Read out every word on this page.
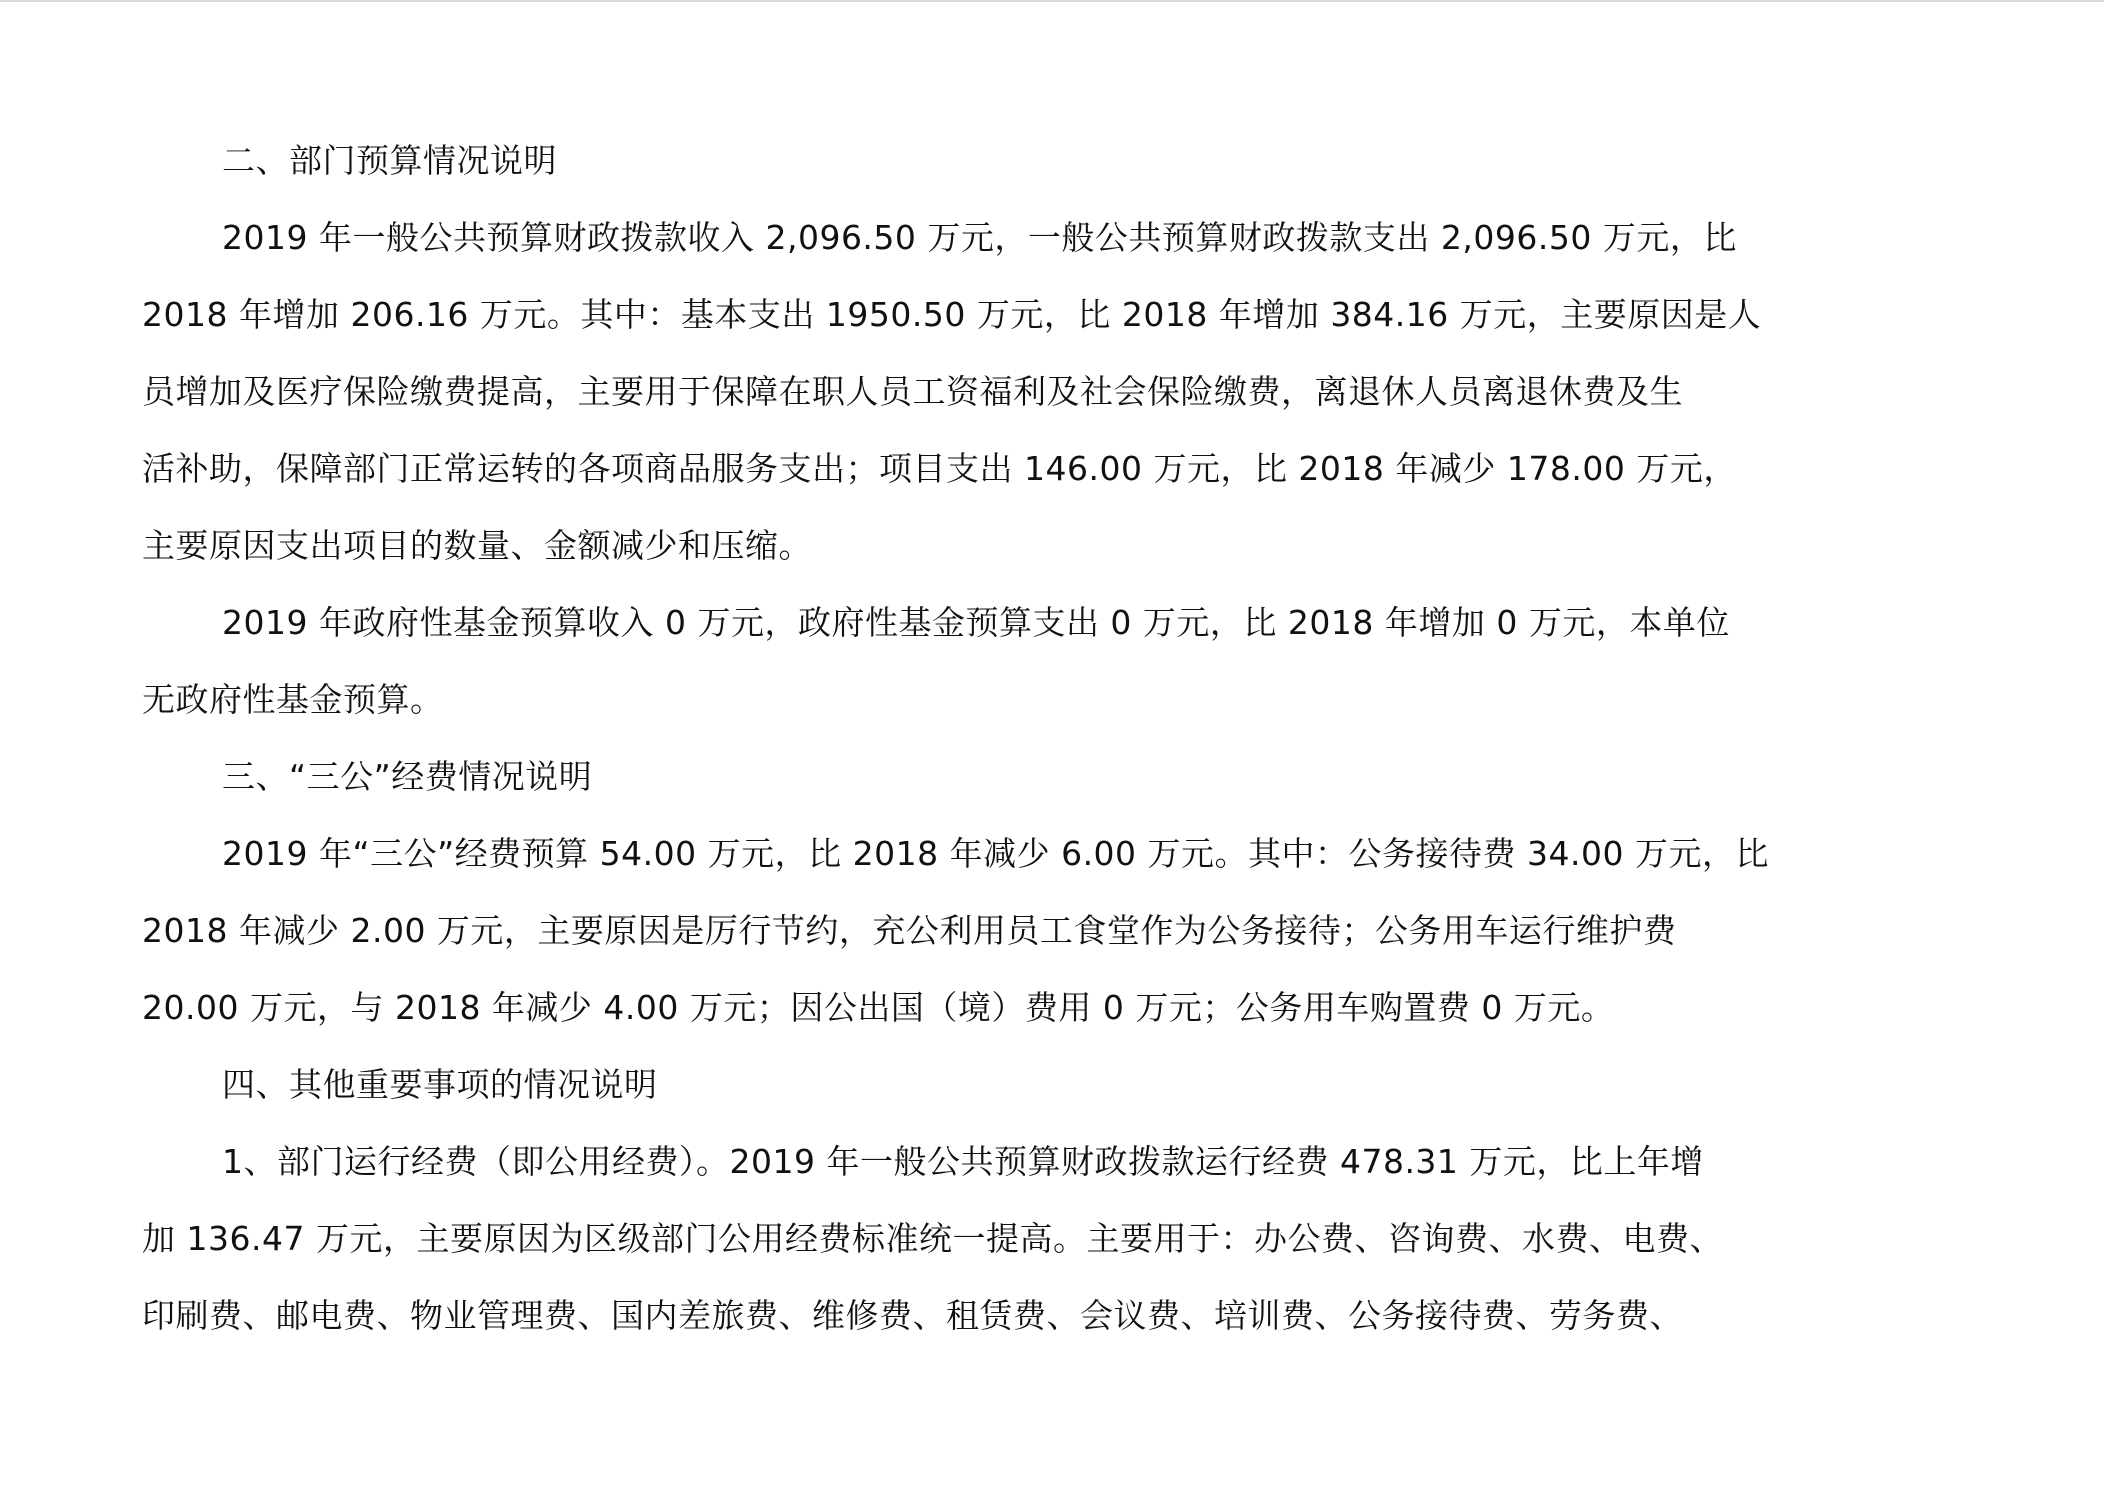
二、部门预算情况说明
2019 年一般公共预算财政拨款收入 2,096.50 万元，一般公共预算财政拨款支出 2,096.50 万元，比
2018 年增加 206.16 万元。其中：基本支出 1950.50 万元，比 2018 年增加 384.16 万元，主要原因是人
员增加及医疗保险缴费提高，主要用于保障在职人员工资福利及社会保险缴费，离退休人员离退休费及生
活补助，保障部门正常运转的各项商品服务支出；项目支出 146.00 万元，比 2018 年减少 178.00 万元，
主要原因支出项目的数量、金额减少和压缩。
2019 年政府性基金预算收入 0 万元，政府性基金预算支出 0 万元，比 2018 年增加 0 万元，本单位
无政府性基金预算。
三、“三公”经费情况说明
2019 年“三公”经费预算 54.00 万元，比 2018 年减少 6.00 万元。其中：公务接待费 34.00 万元，比
2018 年减少 2.00 万元，主要原因是厉行节约，充公利用员工食堂作为公务接待；公务用车运行维护费
20.00 万元，与 2018 年减少 4.00 万元；因公出国（境）费用 0 万元；公务用车购置费 0 万元。
四、其他重要事项的情况说明
1、部门运行经费（即公用经费）。2019 年一般公共预算财政拨款运行经费 478.31 万元，比上年增
加 136.47 万元，主要原因为区级部门公用经费标准统一提高。主要用于：办公费、咨询费、水费、电费、
印刷费、邮电费、物业管理费、国内差旅费、维修费、租赁费、会议费、培训费、公务接待费、劳务费、
